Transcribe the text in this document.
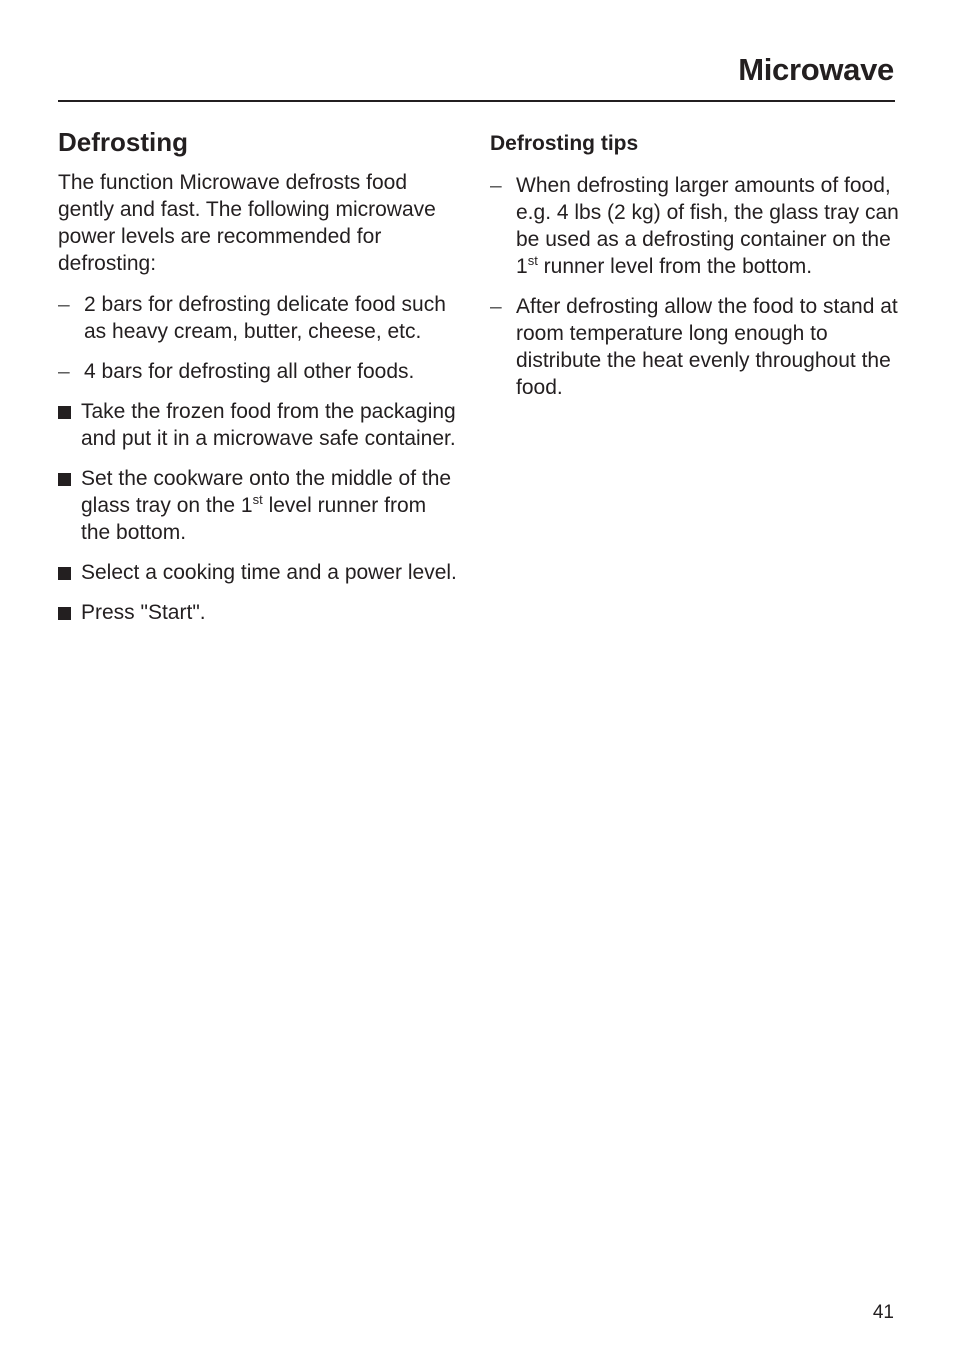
Microwave
Defrosting

The function Microwave defrosts food gently and fast. The following microwave power levels are recommended for defrosting:

– 2 bars for defrosting delicate food such as heavy cream, butter, cheese, etc.
– 4 bars for defrosting all other foods.
Take the frozen food from the packaging and put it in a microwave safe container.
Set the cookware onto the middle of the glass tray on the 1st level runner from the bottom.
Select a cooking time and a power level.
Press "Start".
Defrosting tips
– When defrosting larger amounts of food, e.g. 4 lbs (2 kg) of fish, the glass tray can be used as a defrosting container on the 1st runner level from the bottom.
– After defrosting allow the food to stand at room temperature long enough to distribute the heat evenly throughout the food.
41
